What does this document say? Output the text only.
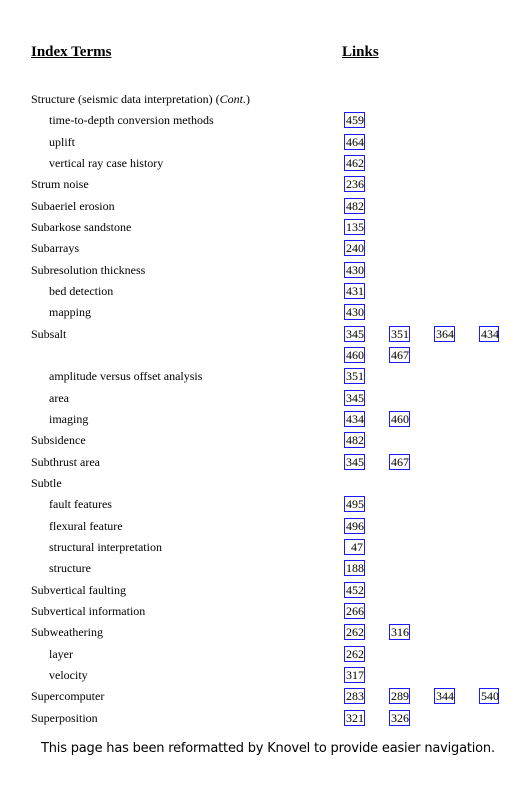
Index Terms	Links
Structure (seismic data interpretation) (Cont.)
time-to-depth conversion methods	459
uplift	464
vertical ray case history	462
Strum noise	236
Subaeriel erosion	482
Subarkose sandstone	135
Subarrays	240
Subresolution thickness	430
bed detection	431
mapping	430
Subsalt	345 351 364 434
460 467
amplitude versus offset analysis	351
area	345
imaging	434 460
Subsidence	482
Subthrust area	345 467
Subtle
fault features	495
flexural feature	496
structural interpretation	47
structure	188
Subvertical faulting	452
Subvertical information	266
Subweathering	262 316
layer	262
velocity	317
Supercomputer	283 289 344 540
Superposition	321 326
This page has been reformatted by Knovel to provide easier navigation.
